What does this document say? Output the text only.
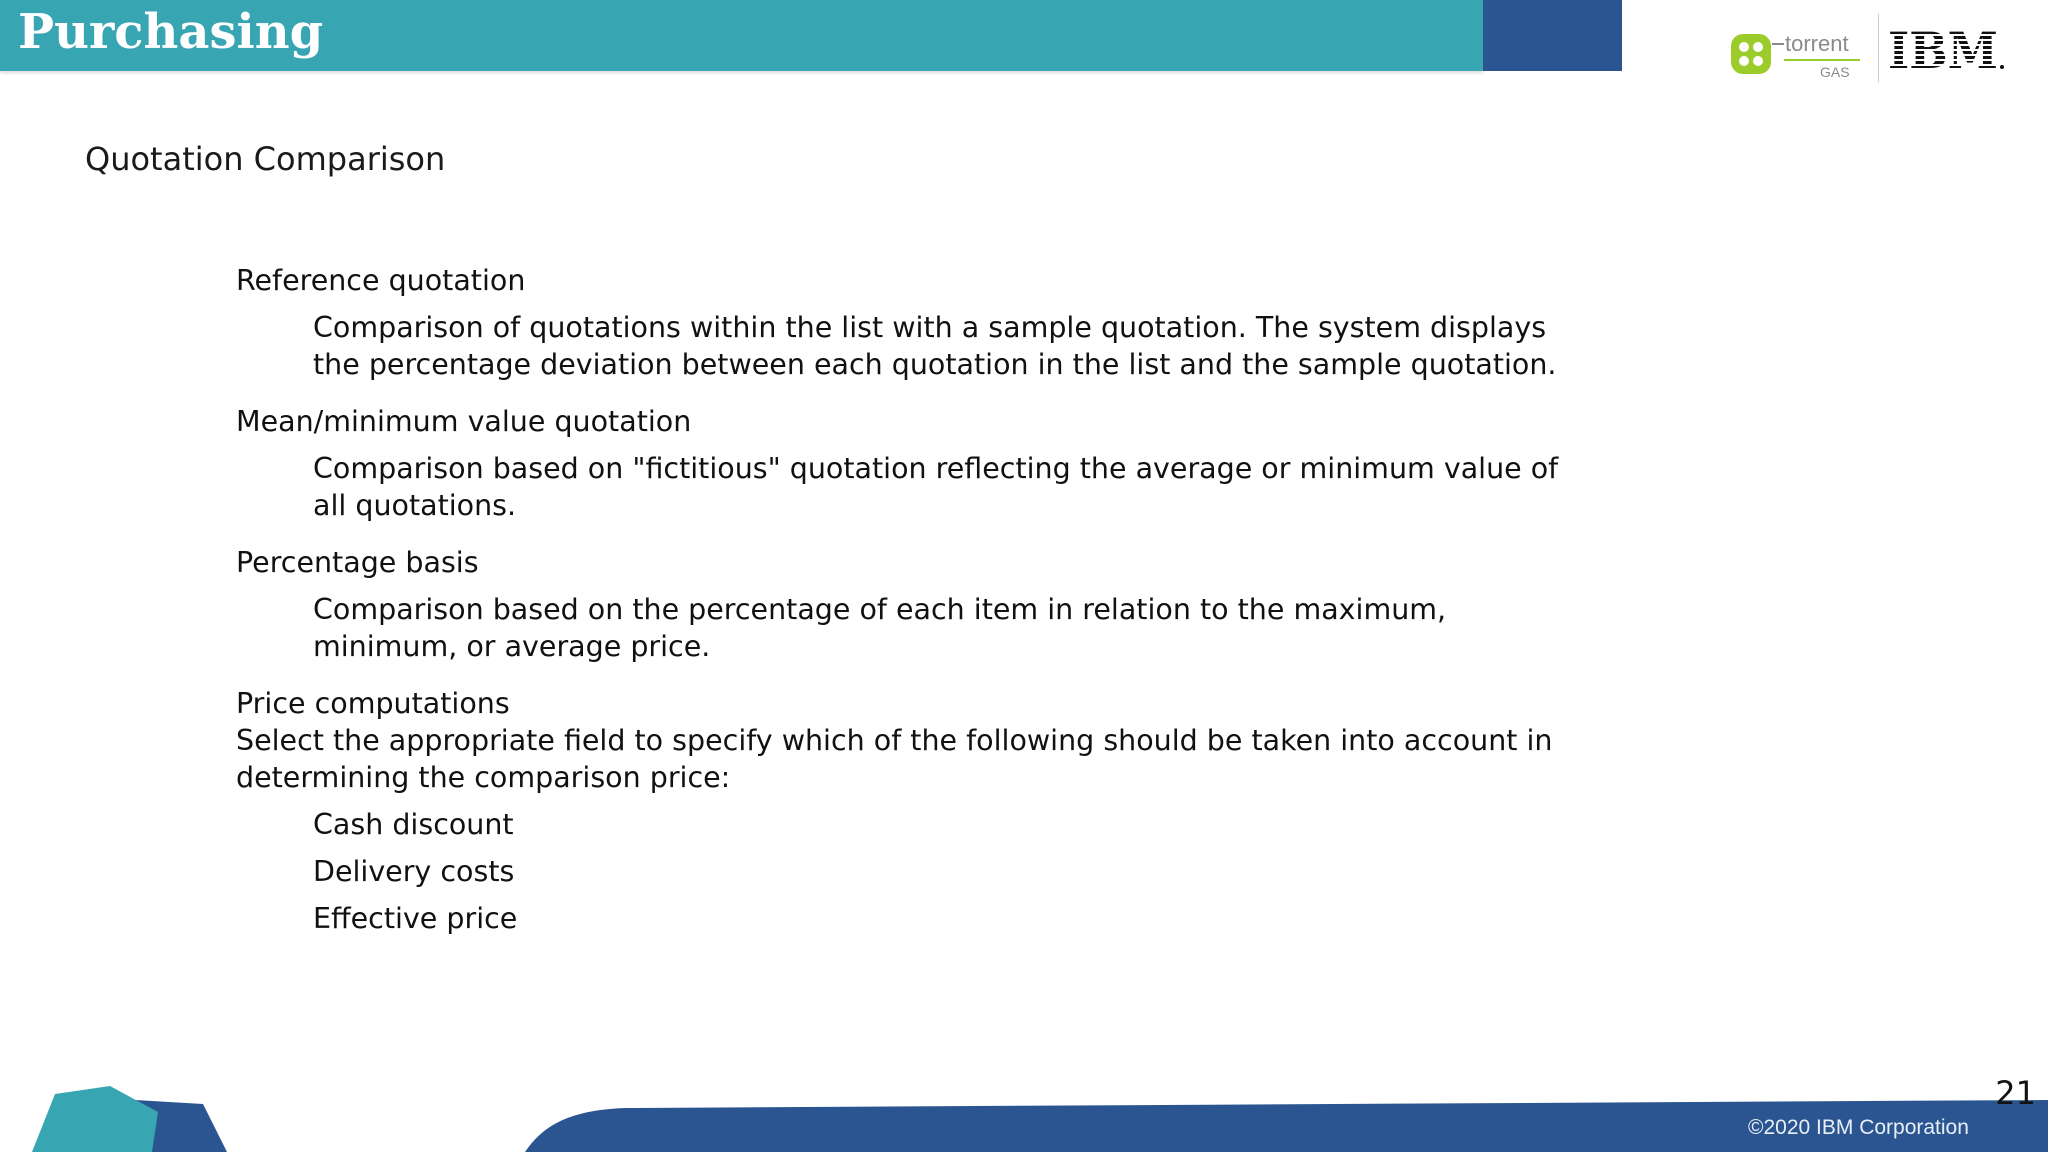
Purchasing	torrent
GAS IBM
Quotation Comparison

Reference quotation

Comparison of quotations within the list with a sample quotation. The system displays the percentage deviation between each quotation in the list and the sample quotation.

Mean/minimum value quotation

Comparison based on "fictitious" quotation reflecting the average or minimum value of all quotations.

Percentage basis

Comparison based on the percentage of each item in relation to the maximum, minimum, or average price.

Price computations

Select the appropriate field to specify which of the following should be taken into account in determining the comparison price:

Cash discount

Delivery costs

Effective price

21
©2020 IBM Corporation
